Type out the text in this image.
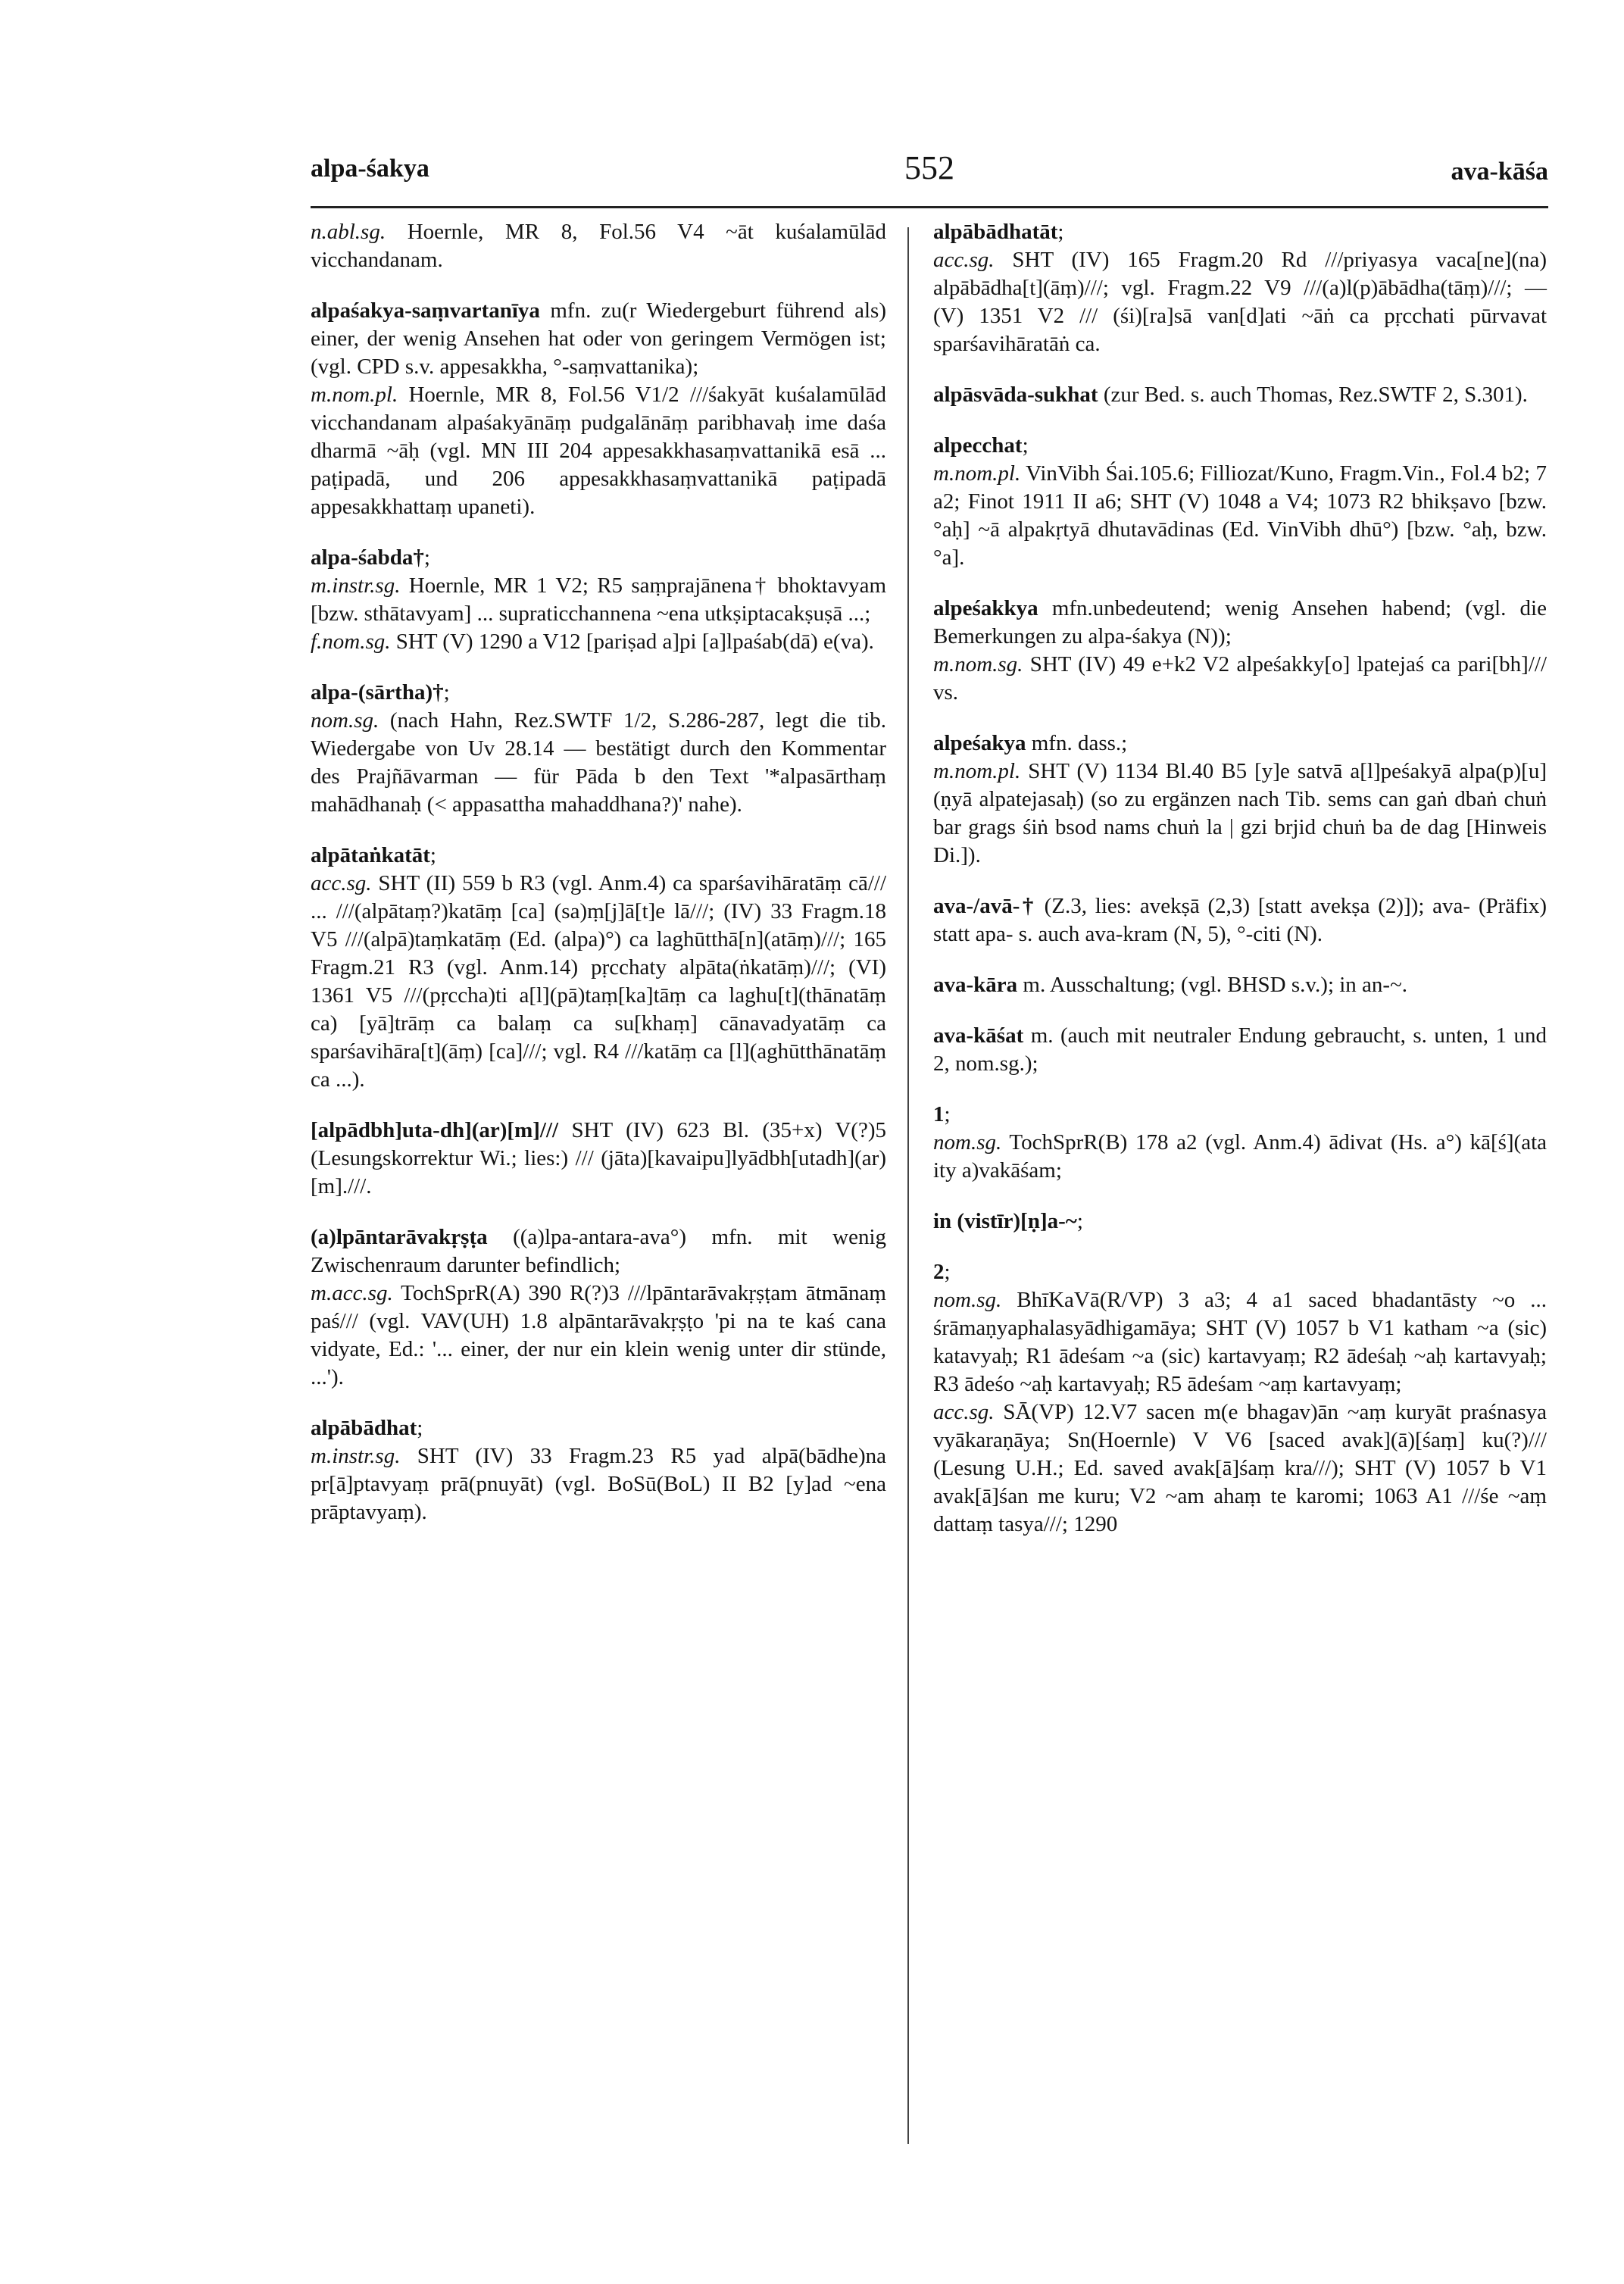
alpa-śakya	552	ava-kāśa

n.abl.sg. Hoernle, MR 8, Fol.56 V4 ~āt kuśalamūlād vicchandanam.

alpaśakya-saṃvartanīya mfn. zu(r Wiedergeburt führend als) einer, der wenig Ansehen hat oder von geringem Vermögen ist; (vgl. CPD s.v. appesakkha, °-saṃvattanika);

m.nom.pl. Hoernle, MR 8, Fol.56 V1/2 ///śakyāt kuśalamūlād vicchandanam alpaśakyānāṃ pudgalānāṃ paribhavaḥ ime daśa dharmā ~āḥ (vgl. MN III 204 appesakkhasaṃvattanikā esā ... paṭipadā, und 206 appesakkhasaṃvattanikā paṭipadā appesakkhattaṃ upaneti).

alpa-śabda†;

m.instr.sg. Hoernle, MR 1 V2; R5 saṃprajānena† bhoktavyam [bzw. sthātavyam] ... supraticchannena ~ena utkṣiptacakṣuṣā ...;

f.nom.sg. SHT (V) 1290 a V12 [pariṣad a]pi [a]lpaśab(dā) e(va).

alpa-(sārtha)†;

nom.sg. (nach Hahn, Rez.SWTF 1/2, S.286-287, legt die tib. Wiedergabe von Uv 28.14 — bestätigt durch den Kommentar des Prajñāvarman — für Pāda b den Text '*alpasārthaṃ mahādhanaḥ (< appasattha mahaddhana?)' nahe).

alpātaṅkatāt;

acc.sg. SHT (II) 559 b R3 (vgl. Anm.4) ca sparśavihāratāṃ cā/// ... ///(alpātaṃ?)katāṃ [ca] (sa)ṃ[j]ā[t]e lā///; (IV) 33 Fragm.18 V5 ///(alpā)taṃkatāṃ (Ed. (alpa)°) ca laghūtthā[n](atāṃ)///; 165 Fragm.21 R3 (vgl. Anm.14) pṛcchaty alpāta(ṅkatāṃ)///; (VI) 1361 V5 ///(pṛccha)ti a[l](pā)taṃ[ka]tāṃ ca laghu[t](thānatāṃ ca) [yā]trāṃ ca balaṃ ca su[khaṃ] cānavadyatāṃ ca sparśavihāra[t](āṃ) [ca]///; vgl. R4 ///katāṃ ca [l](aghūtthānatāṃ ca ...).

[alpādbh]uta-dh](ar)[m]/// SHT (IV) 623 Bl. (35+x) V(?)5 (Lesungskorrektur Wi.; lies:) /// (jāta)[kavaipu]lyādbh[utadh](ar)[m].///.

(a)lpāntarāvakṛṣṭa ((a)lpa-antara-ava°) mfn. mit wenig Zwischenraum darunter befindlich;

m.acc.sg. TochSprR(A) 390 R(?)3 ///lpāntarāvakṛṣṭam ātmānaṃ paś/// (vgl. VAV(UH) 1.8 alpāntarāvakṛṣṭo 'pi na te kaś cana vidyate, Ed.: '... einer, der nur ein klein wenig unter dir stünde, ...').

alpābādhat;

m.instr.sg. SHT (IV) 33 Fragm.23 R5 yad alpā(bādhe)na pr[ā]ptavyaṃ prā(pnuyāt) (vgl. BoSū(BoL) II B2 [y]ad ~ena prāptavyaṃ).

alpābādhatāt;

acc.sg. SHT (IV) 165 Fragm.20 Rd ///priyasya vaca[ne](na) alpābādha[t](āṃ)///; vgl. Fragm.22 V9 ///(a)l(p)ābādha(tāṃ)///; — (V) 1351 V2 /// (śi)[ra]sā van[d]ati ~āṅ ca pṛcchati pūrvavat sparśavihāratāṅ ca.

alpāsvāda-sukhat (zur Bed. s. auch Thomas, Rez.SWTF 2, S.301).

alpecchat;

m.nom.pl. VinVibh Śai.105.6; Filliozat/Kuno, Fragm.Vin., Fol.4 b2; 7 a2; Finot 1911 II a6; SHT (V) 1048 a V4; 1073 R2 bhikṣavo [bzw. °aḥ] ~ā alpakṛtyā dhutavādinas (Ed. VinVibh dhū°) [bzw. °aḥ, bzw. °a].

alpeśakkya mfn.unbedeutend; wenig Ansehen habend; (vgl. die Bemerkungen zu alpa-śakya (N));

m.nom.sg. SHT (IV) 49 e+k2 V2 alpeśakky[o] lpatejaś ca pari[bh]/// vs.

alpeśakya mfn. dass.;

m.nom.pl. SHT (V) 1134 Bl.40 B5 [y]e satvā a[l]peśakyā alpa(p)[u](ṇyā alpatejasaḥ) (so zu ergänzen nach Tib. sems can gaṅ dbaṅ chuṅ bar grags śiṅ bsod nams chuṅ la | gzi brjid chuṅ ba de dag [Hinweis Di.]).

ava-/avā-† (Z.3, lies: avekṣā (2,3) [statt avekṣa (2)]); ava- (Präfix) statt apa- s. auch ava-kram (N, 5), °-citi (N).

ava-kāra m. Ausschaltung; (vgl. BHSD s.v.); in an-~.

ava-kāśat m. (auch mit neutraler Endung gebraucht, s. unten, 1 und 2, nom.sg.);

1;

nom.sg. TochSprR(B) 178 a2 (vgl. Anm.4) ādivat (Hs. a°) kā[ś](ata ity a)vakāśam;

in (vistīr)[ṇ]a-~;

2;

nom.sg. BhīKaVā(R/VP) 3 a3; 4 a1 saced bhadantāsty ~o ... śrāmaṇyaphalasyādhigamāya; SHT (V) 1057 b V1 katham ~a (sic) katavyaḥ; R1 ādeśam ~a (sic) kartavyaṃ; R2 ādeśaḥ ~aḥ kartavyaḥ; R3 ādeśo ~aḥ kartavyaḥ; R5 ādeśam ~aṃ kartavyaṃ;

acc.sg. SĀ(VP) 12.V7 sacen m(e bhagav)ān ~aṃ kuryāt praśnasya vyākaraṇāya; Sn(Hoernle) V V6 [saced avak](ā)[śaṃ] ku(?)/// (Lesung U.H.; Ed. saved avak[ā]śaṃ kra///); SHT (V) 1057 b V1 avak[ā]śan me kuru; V2 ~am ahaṃ te karomi; 1063 A1 ///śe ~aṃ dattaṃ tasya///; 1290
